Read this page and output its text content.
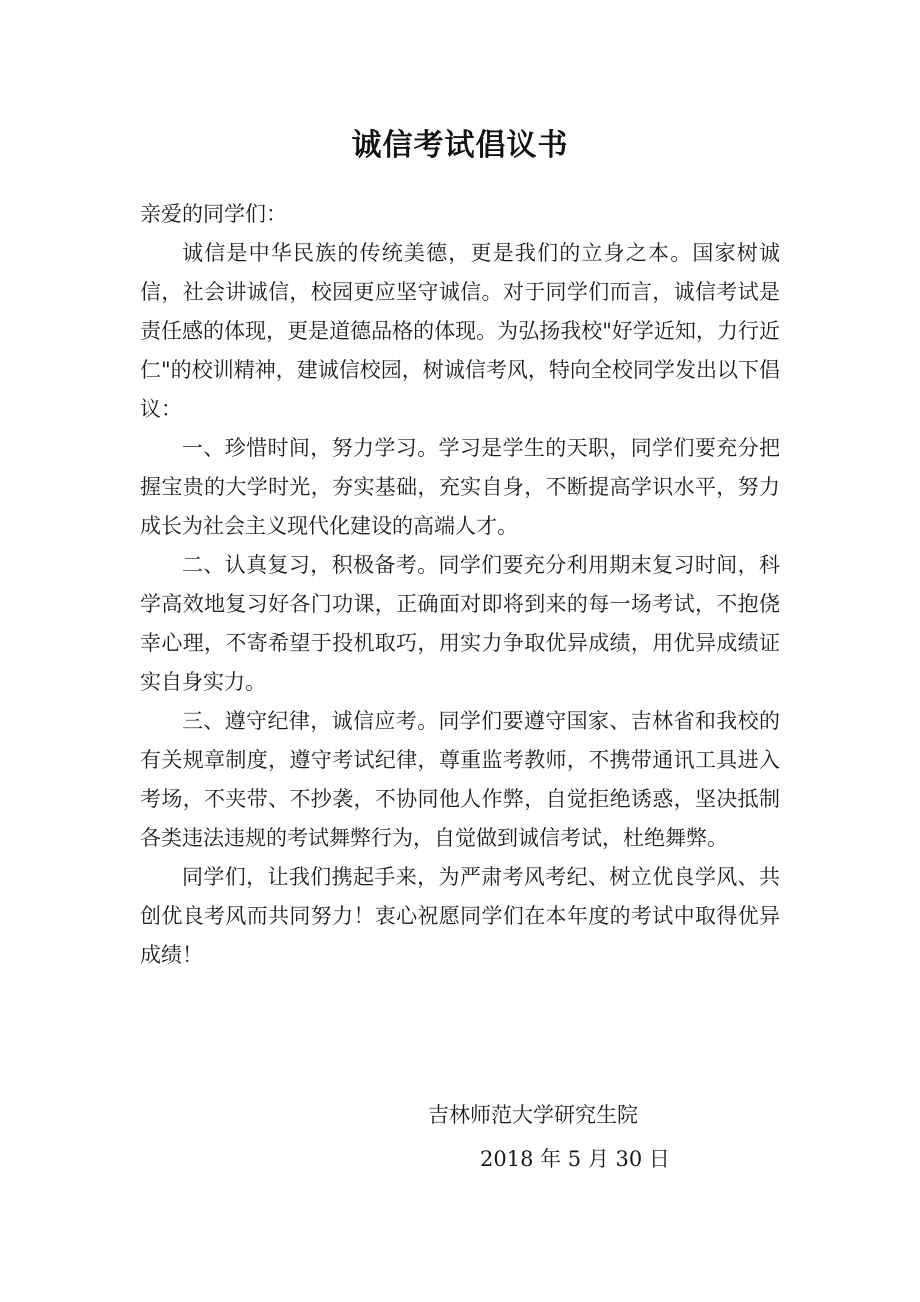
诚信考试倡议书

亲爱的同学们：

诚信是中华民族的传统美德，更是我们的立身之本。国家树诚信，社会讲诚信，校园更应坚守诚信。对于同学们而言，诚信考试是责任感的体现，更是道德品格的体现。为弘扬我校"好学近知，力行近仁"的校训精神，建诚信校园，树诚信考风，特向全校同学发出以下倡议：

一、珍惜时间，努力学习。学习是学生的天职，同学们要充分把握宝贵的大学时光，夯实基础，充实自身，不断提高学识水平，努力成长为社会主义现代化建设的高端人才。

二、认真复习，积极备考。同学们要充分利用期末复习时间，科学高效地复习好各门功课，正确面对即将到来的每一场考试，不抱侥幸心理，不寄希望于投机取巧，用实力争取优异成绩，用优异成绩证实自身实力。

三、遵守纪律，诚信应考。同学们要遵守国家、吉林省和我校的有关规章制度，遵守考试纪律，尊重监考教师，不携带通讯工具进入考场，不夹带、不抄袭，不协同他人作弊，自觉拒绝诱惑，坚决抵制各类违法违规的考试舞弊行为，自觉做到诚信考试，杜绝舞弊。

同学们，让我们携起手来，为严肃考风考纪、树立优良学风、共创优良考风而共同努力！衷心祝愿同学们在本年度的考试中取得优异成绩！

吉林师范大学研究生院
2018 年 5 月 30 日
